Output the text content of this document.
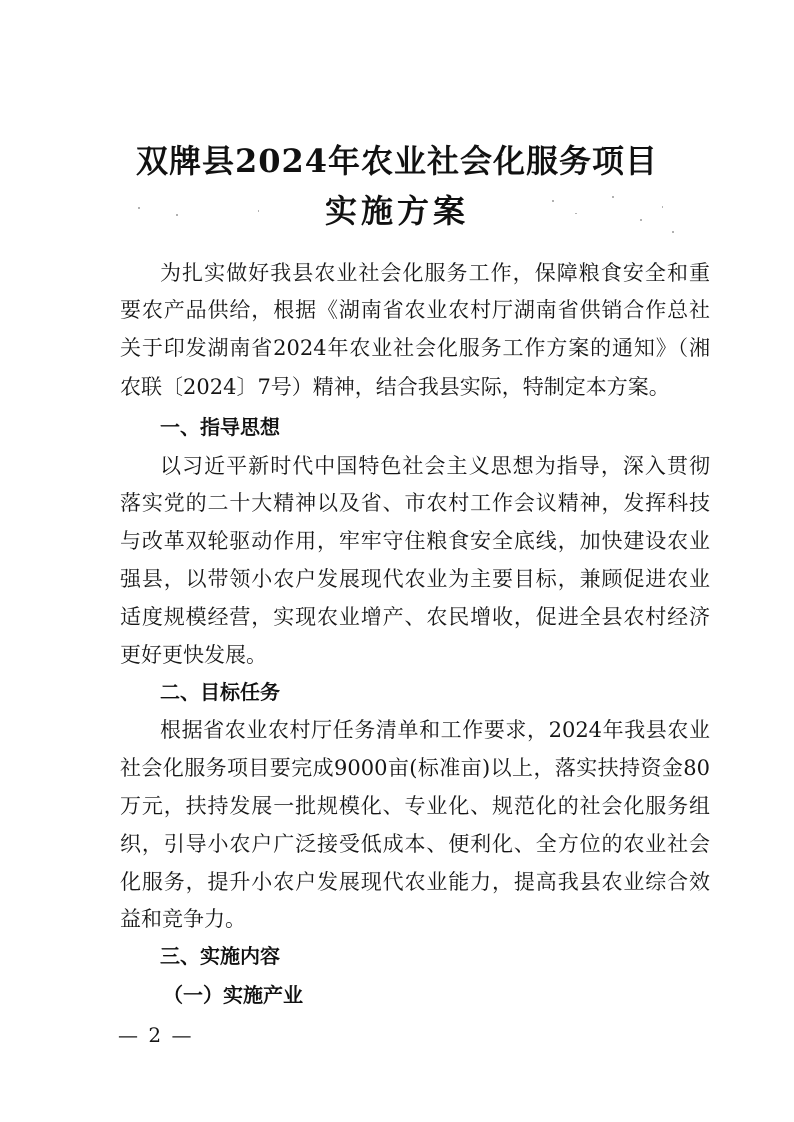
双牌县2024年农业社会化服务项目
实施方案
为扎实做好我县农业社会化服务工作，保障粮食安全和重
要农产品供给，根据《湖南省农业农村厅湖南省供销合作总社
关于印发湖南省2024年农业社会化服务工作方案的通知》（湘
农联〔2024〕7号）精神，结合我县实际，特制定本方案。
一、指导思想
以习近平新时代中国特色社会主义思想为指导，深入贯彻
落实党的二十大精神以及省、市农村工作会议精神，发挥科技
与改革双轮驱动作用，牢牢守住粮食安全底线，加快建设农业
强县，以带领小农户发展现代农业为主要目标，兼顾促进农业
适度规模经营，实现农业增产、农民增收，促进全县农村经济
更好更快发展。
二、目标任务
根据省农业农村厅任务清单和工作要求，2024年我县农业
社会化服务项目要完成9000亩(标准亩)以上，落实扶持资金80
万元，扶持发展一批规模化、专业化、规范化的社会化服务组
织，引导小农户广泛接受低成本、便利化、全方位的农业社会
化服务，提升小农户发展现代农业能力，提高我县农业综合效
益和竞争力。
三、实施内容
（一）实施产业
— 2 —
